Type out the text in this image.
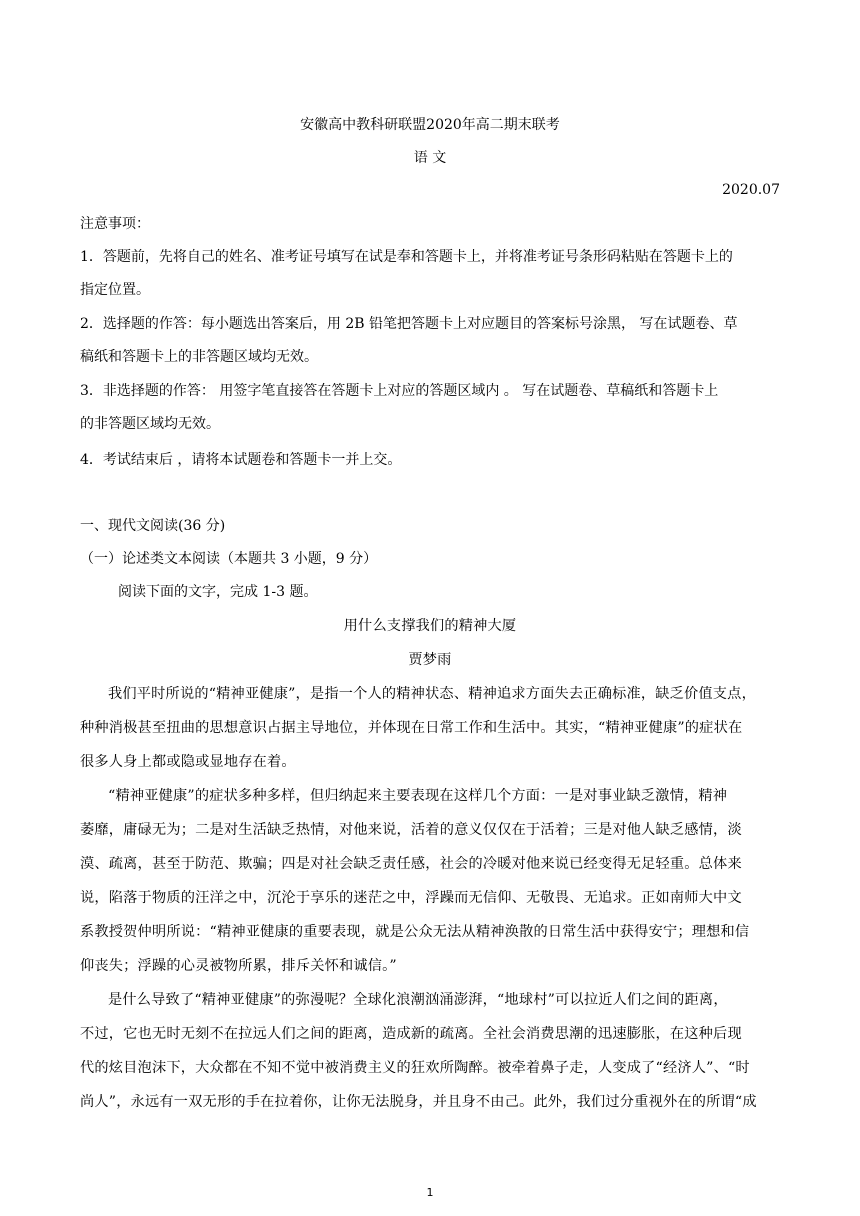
安徽高中教科研联盟2020年高二期末联考
语 文
2020.07
注意事项：
1．答题前，先将自己的姓名、准考证号填写在试是奉和答题卡上，并将准考证号条形码粘贴在答题卡上的
指定位置。
2．选择题的作答：每小题选出答案后，用 2B 铅笔把答题卡上对应题目的答案标号涂黑， 写在试题卷、草
稿纸和答题卡上的非答题区域均无效。
3．非选择题的作答： 用签字笔直接答在答题卡上对应的答题区域内 。 写在试题卷、草稿纸和答题卡上
的非答题区域均无效。
4．考试结束后 ，请将本试题卷和答题卡一并上交。
一、现代文阅读(36 分)
（一）论述类文本阅读（本题共 3 小题，9 分）
阅读下面的文字，完成 1-3 题。
用什么支撑我们的精神大厦
贾梦雨
我们平时所说的“精神亚健康”，是指一个人的精神状态、精神追求方面失去正确标准，缺乏价值支点，
种种消极甚至扭曲的思想意识占据主导地位，并体现在日常工作和生活中。其实，“精神亚健康”的症状在
很多人身上都或隐或显地存在着。
“精神亚健康”的症状多种多样，但归纳起来主要表现在这样几个方面：一是对事业缺乏激情，精神
萎靡，庸碌无为；二是对生活缺乏热情，对他来说，活着的意义仅仅在于活着；三是对他人缺乏感情，淡
漠、疏离，甚至于防范、欺骗；四是对社会缺乏责任感，社会的冷暖对他来说已经变得无足轻重。总体来
说，陷落于物质的汪洋之中，沉沦于享乐的迷茫之中，浮躁而无信仰、无敬畏、无追求。正如南师大中文
系教授贺仲明所说：“精神亚健康的重要表现，就是公众无法从精神涣散的日常生活中获得安宁；理想和信
仰丧失；浮躁的心灵被物所累，排斥关怀和诚信。”
是什么导致了“精神亚健康”的弥漫呢？全球化浪潮汹涌澎湃，“地球村”可以拉近人们之间的距离，
不过，它也无时无刻不在拉远人们之间的距离，造成新的疏离。全社会消费思潮的迅速膨胀，在这种后现
代的炫目泡沫下，大众都在不知不觉中被消费主义的狂欢所陶醉。被牵着鼻子走，人变成了“经济人”、“时
尚人”，永远有一双无形的手在拉着你，让你无法脱身，并且身不由己。此外，我们过分重视外在的所谓“成
1
